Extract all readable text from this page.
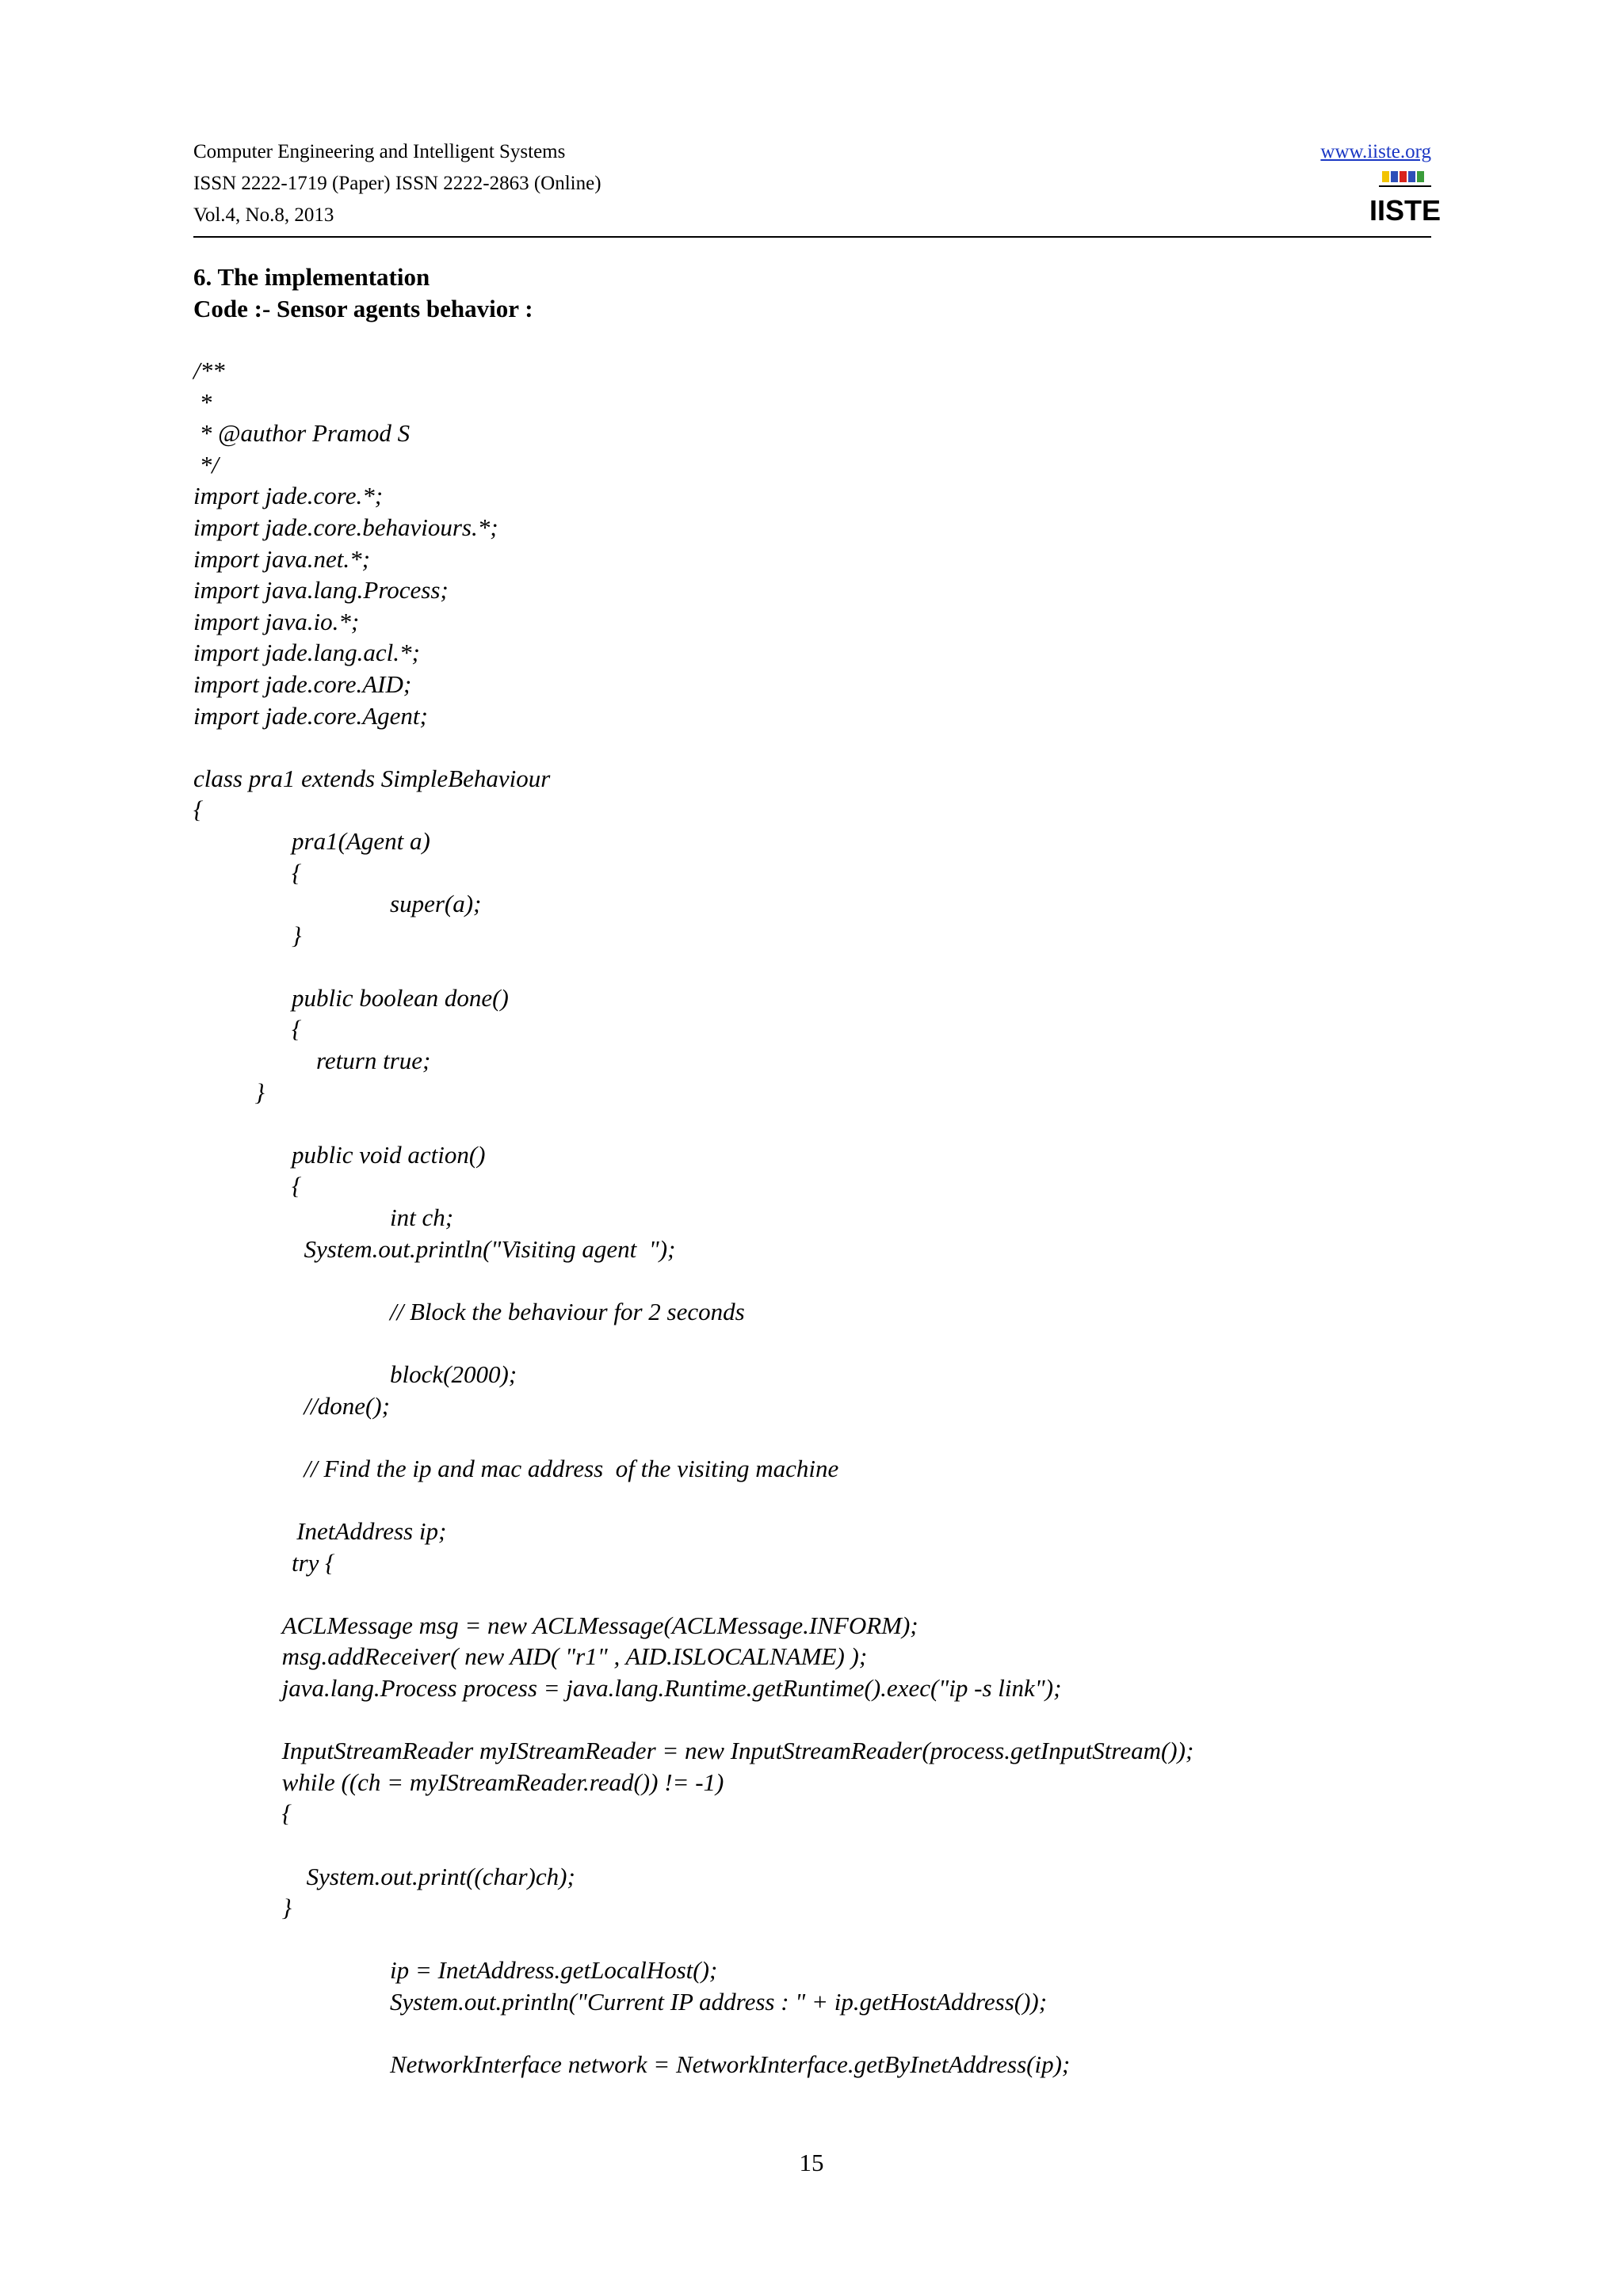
Computer Engineering and Intelligent Systems
ISSN 2222-1719 (Paper) ISSN 2222-2863 (Online)
Vol.4, No.8, 2013
www.iiste.org
IISTE
6. The implementation
Code :- Sensor agents behavior :
/**
*
* @author Pramod S
*/
import jade.core.*;
import jade.core.behaviours.*;
import java.net.*;
import java.lang.Process;
import java.io.*;
import jade.lang.acl.*;
import jade.core.AID;
import jade.core.Agent;
class pra1 extends SimpleBehaviour
{
pra1(Agent a)
{
super(a);
}
public boolean done()
{
return true;
}
public void action()
{
int ch;
System.out.println("Visiting agent  ");
// Block the behaviour for 2 seconds
block(2000);
//done();
// Find the ip and mac address  of the visiting machine
InetAddress ip;
try {
ACLMessage msg = new ACLMessage(ACLMessage.INFORM);
msg.addReceiver( new AID( "r1" , AID.ISLOCALNAME) );
java.lang.Process process = java.lang.Runtime.getRuntime().exec("ip -s link");
InputStreamReader myIStreamReader = new InputStreamReader(process.getInputStream());
while ((ch = myIStreamReader.read()) != -1)
{
System.out.print((char)ch);
}
ip = InetAddress.getLocalHost();
System.out.println("Current IP address : " + ip.getHostAddress());
NetworkInterface network = NetworkInterface.getByInetAddress(ip);
15
